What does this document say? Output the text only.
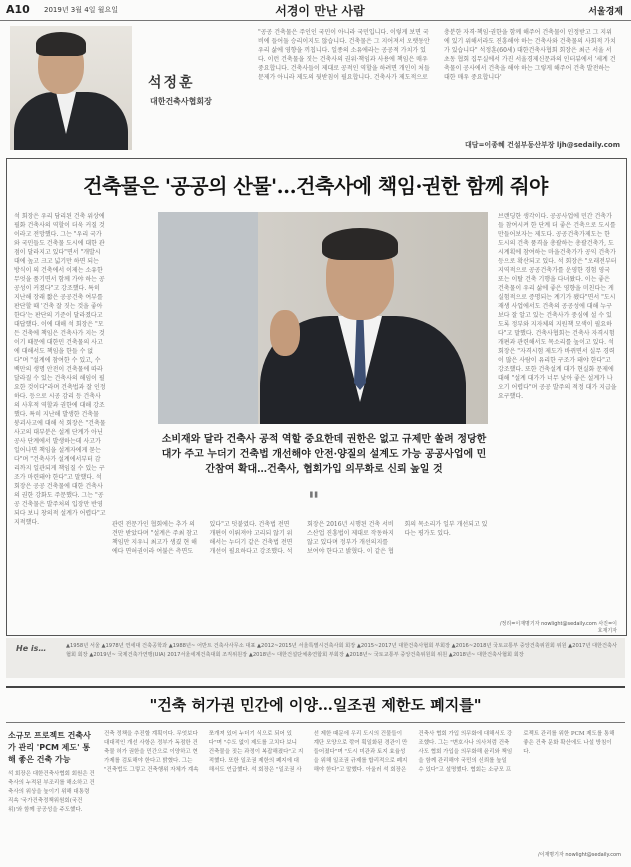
A10 2019년 3월 4일 월요일	서경이 만난 사람	서울경제
석정훈
대한건축사협회장
"공공 건축물은 주인인 국민이 아니라 국민입니다. 이렇게 보면 국비에 들어둘 승리이지도 않습니다. 건축물은 그 지어져서 오랫동안 우리 삶에 영향을 끼칩니다. 일종의 소유에라는 공공적 가치가 있다. 이런 건축물을 짓는 건축사의 권위·책임과 사용에 책임은 매우 중요합니다. 건축사들이 제대로 공적인 역할을 하려면 개인이 처들 문제가 아니라 제도의 뒷받침이 필요합니다. 건축사가 제도적으로 충분한 자격·책임·권한을 함께 해주어 건축물이 인정받고 그 지위에 있기 위해서라도 진흥해야 하는 건축사와 건축물의 사회적 가치가 있습니다" 석정훈(60세) 대한건축사협회 회장은 최근 서울 서초동 협회 집무실에서 가진 서울경제신문과의 인터뷰에서 '세계 건축물이 공사에서 건축을 해야 하는 그렇게 해주어 건축 발전하는 대한 매우 중요합니다'
대담=이종혜 건설부동산부장 ljh@sedaily.com
건축물은 '공공의 산물'…건축사에 책임·권한 함께 줘야
석 회장은 우리 담리된 건축 위상에 필화 건축사의 역할이 더욱 커질 것이라고 전망했다. 그는 "우리 국가와 국민들도 건축물 도시에 대한 관점이 달라지고 있다"면서 "개발시대에 높고 크고 넓기만 하면 되는 방식이 의 건축에서 이제는 소유한 무엇을 품기면서 함께 가야 하는 공공성이 커졌다"고 강조했다. 특히 지난해 장래 짧은 공공건축 여부를 판단할 때 '건축 잘 짓는 것을 좋아한다'는 판단의 기준이 달라졌다고 대답했다. 이에 대해 석 회장은 "모든 건축에 책임은 건축사가 지는 것이기 때문에 대한민 건축물의 사고에 대해서도 책임을 한들 수 없다"며 "설계에 참여한 수 있고, 수백만의 생명 안전이 건축물에 따라 달라질 수 있는 건축사의 해임이 필요한 것이다"라며 건축법과 잘 인정하다. 등으로 시공 감리 등 건축사의 사후적 역할과 권한에 대해 강조했다. 특히 지난해 발생한 건축물 붕괴사고에 대해 석 회장은 "건축물 사고의 대부분은 설계 단계가 아닌 공사 단계에서 발생하는데 사고가 일어나면 책임을 설계자에게 묻는다"며 "건축사가 설계에서부터 감리까지 일관되게 책임질 수 있는 구조가 마련돼야 한다"고 말했다. 석 회장은 공공 건축물에 대한 건축사의 권한 강화도 주문했다. 그는 "공공 건축물은 발주처의 입장만 반영되다 보니 창의적 설계가 어렵다"고 지적했다.
소비재와 달라 건축사 공적 역할 중요한데 권한은 없고 규제만 쏠려 정당한 대가 주고 누더기 건축법 개선해야 안전·양질의 설계도 가능 공공사업에 민간참여 확대…건축사, 협회가입 의무화로 신뢰 높일 것
"
관련 전문가인 협회에는 추가 의견만 받았다며 "설계은 주최 참고 책임만 지우니 최고가 생겼 현 해에다 면허권이라 여불은 측면도 있다"고 덧붙였다. 건축법 전면 개편이 이뤄져야 고리되 않기 위해서는 누더기 같은 건축법 전면 개선이 필요하다고 강조했다. 석 회장은 2016년 시행된 건축 서비스산업 진흥법이 제대로 작동하지 않고 있다며 정부가 개선의지를 보여야 한다고 밝혔다. 이 같은 협회의 목소리가 일부 개선되고 있다는 평가도 있다.
브랜딩한 생각이다. 공공사업에 민간 건축가들 참여시켜 한 단계 더 좋은 건축으로 도시를 만들어보자는 제도다. 공공건축가제도는 한 도시의 건축 품격을 총괄하는 총괄건축가, 도시계획에 참여하는 마을건축가가 공익 건축가 등으로 확산되고 있다. 석 회장은 "오래전부터 지역적으로 공공건축가를 운영한 경험 영국 또는 이탈 건축 기행을 다녀왔다. 이는 좋은 건축물이 우리 삶에 좋은 영향을 미친다는 게 실험적으로 증명되는 계기가 됐다"면서 "도시재생 사업에서도 건축의 공공성에 대해 누구보다 잘 알고 있는 건축사가 중심에 설 수 있도록 정부와 지자체의 지원책 모색이 필요하다"고 말했다. 건축사협회는 건축사 자격시험 개편과 관련해서도 목소리를 높이고 있다. 석 회장은 "자격시험 제도가 바뀌면서 실무 경력이 많은 사람이 유리한 구조가 돼야 한다"고 강조했다. 또한 건축설계 대가 현실화 문제에 대해 "설계 대가가 너무 낮아 좋은 설계가 나오기 어렵다"며 공공 발주의 적정 대가 지급을 요구했다.
/정리=이재명기자 nowlight@sedaily.com 사진=이호재기자
He is…	▲1958년 서울 ▲1978년 연세대 건축공학과 ▲1988년~ 어반트 건축사사무소 대표 ▲2012~2015년 서울특별시건축사회 회장 ▲2015~2017년 대한건축사협회 부회장 ▲2016~2018년 국토교통부 중앙건축위원회 위원 ▲2017년 대한건축사협회 회장 ▲2019년~ 국제건축가연맹(UIA) 2017서울세계건축대회 조직위원장 ▲2018년~ 대한건설단체총연합회 부회장 ▲2018년~ 국토교통부 중앙건축위원회 위원 ▲2018년~ 대한건축사협회 회장
"건축 허가권 민간에 이양…일조권 제한도 폐지를"
소규모 프로젝트 건축사가 관리 'PCM 제도' 통해 좋은 건축 가능
석 회장은 대한건축사협회 회원은 건축사의 누적된 부조리를 해소하고 건축사의 위상을 높이기 위해 대통령 직속 '국가건축정책위원회(국건위)'와 함께 공공성을 주도했다.
건축 정책을 추진할 계획이다. 무엇보다 대대적인 개선 사항은 정부가 독점한 건축물 허가 권한을 민간으로 이양하고 현가제를 검토해야 한다고 밝혔다. 그는 "건축법도 그렇고 건축행위 자체가 계속 쪼개져 있어 누더기 식으로 되어 있다"며 "수도 없이 제도를 고치다 보니 건축물을 짓는 과정이 복잡해졌다"고 지적했다. 또한 일조권 제한의 폐지에 대해서도 언급했다. 석 회장은 "일조권 사선 제한 때문에 우리 도시의 건물들이 계단 모양으로 깎여 획일화된 경관이 만들어졌다"며 "도시 미관과 토지 효율성을 위해 일조권 규제를 합리적으로 폐지해야 한다"고 말했다. 아울러 석 회장은 건축사 협회 가입 의무화에 대해서도 강조했다. 그는 "변호사나 의사처럼 건축사도 협회 가입을 의무화해 윤리와 책임을 함께 관리해야 국민의 신뢰를 높일 수 있다"고 설명했다. 협회는 소규모 프로젝트 관리를 위한 PCM 제도를 통해 좋은 건축 문화 확산에도 나설 방침이다.
/이재명기자 nowlight@sedaily.com
